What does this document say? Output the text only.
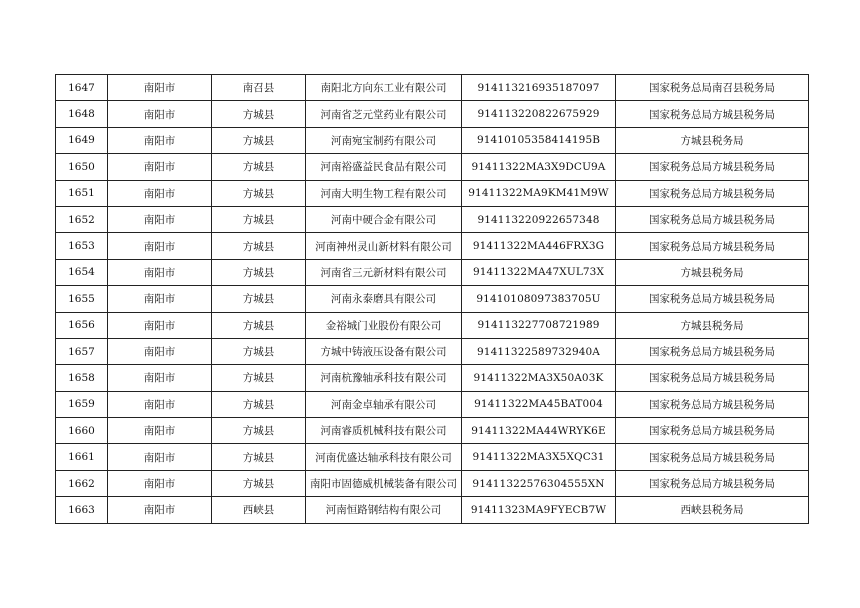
1647	南阳市	南召县	南阳北方向东工业有限公司	914113216935187097	国家税务总局南召县税务局
1648	南阳市	方城县	河南省芝元堂药业有限公司	914113220822675929	国家税务总局方城县税务局
1649	南阳市	方城县	河南宛宝制药有限公司	91410105358414195B	方城县税务局
1650	南阳市	方城县	河南裕盛益民食品有限公司	91411322MA3X9DCU9A	国家税务总局方城县税务局
1651	南阳市	方城县	河南大明生物工程有限公司	91411322MA9KM41M9W	国家税务总局方城县税务局
1652	南阳市	方城县	河南中硬合金有限公司	914113220922657348	国家税务总局方城县税务局
1653	南阳市	方城县	河南神州灵山新材料有限公司	91411322MA446FRX3G	国家税务总局方城县税务局
1654	南阳市	方城县	河南省三元新材料有限公司	91411322MA47XUL73X	方城县税务局
1655	南阳市	方城县	河南永泰磨具有限公司	91410108097383705U	国家税务总局方城县税务局
1656	南阳市	方城县	金裕城门业股份有限公司	914113227708721989	方城县税务局
1657	南阳市	方城县	方城中铸液压设备有限公司	91411322589732940A	国家税务总局方城县税务局
1658	南阳市	方城县	河南杭豫轴承科技有限公司	91411322MA3X50A03K	国家税务总局方城县税务局
1659	南阳市	方城县	河南金卓轴承有限公司	91411322MA45BAT004	国家税务总局方城县税务局
1660	南阳市	方城县	河南睿质机械科技有限公司	91411322MA44WRYK6E	国家税务总局方城县税务局
1661	南阳市	方城县	河南优盛达轴承科技有限公司	91411322MA3X5XQC31	国家税务总局方城县税务局
1662	南阳市	方城县	南阳市固德威机械装备有限公司	91411322576304555XN	国家税务总局方城县税务局
1663	南阳市	西峡县	河南恒路钢结构有限公司	91411323MA9FYECB7W	西峡县税务局
